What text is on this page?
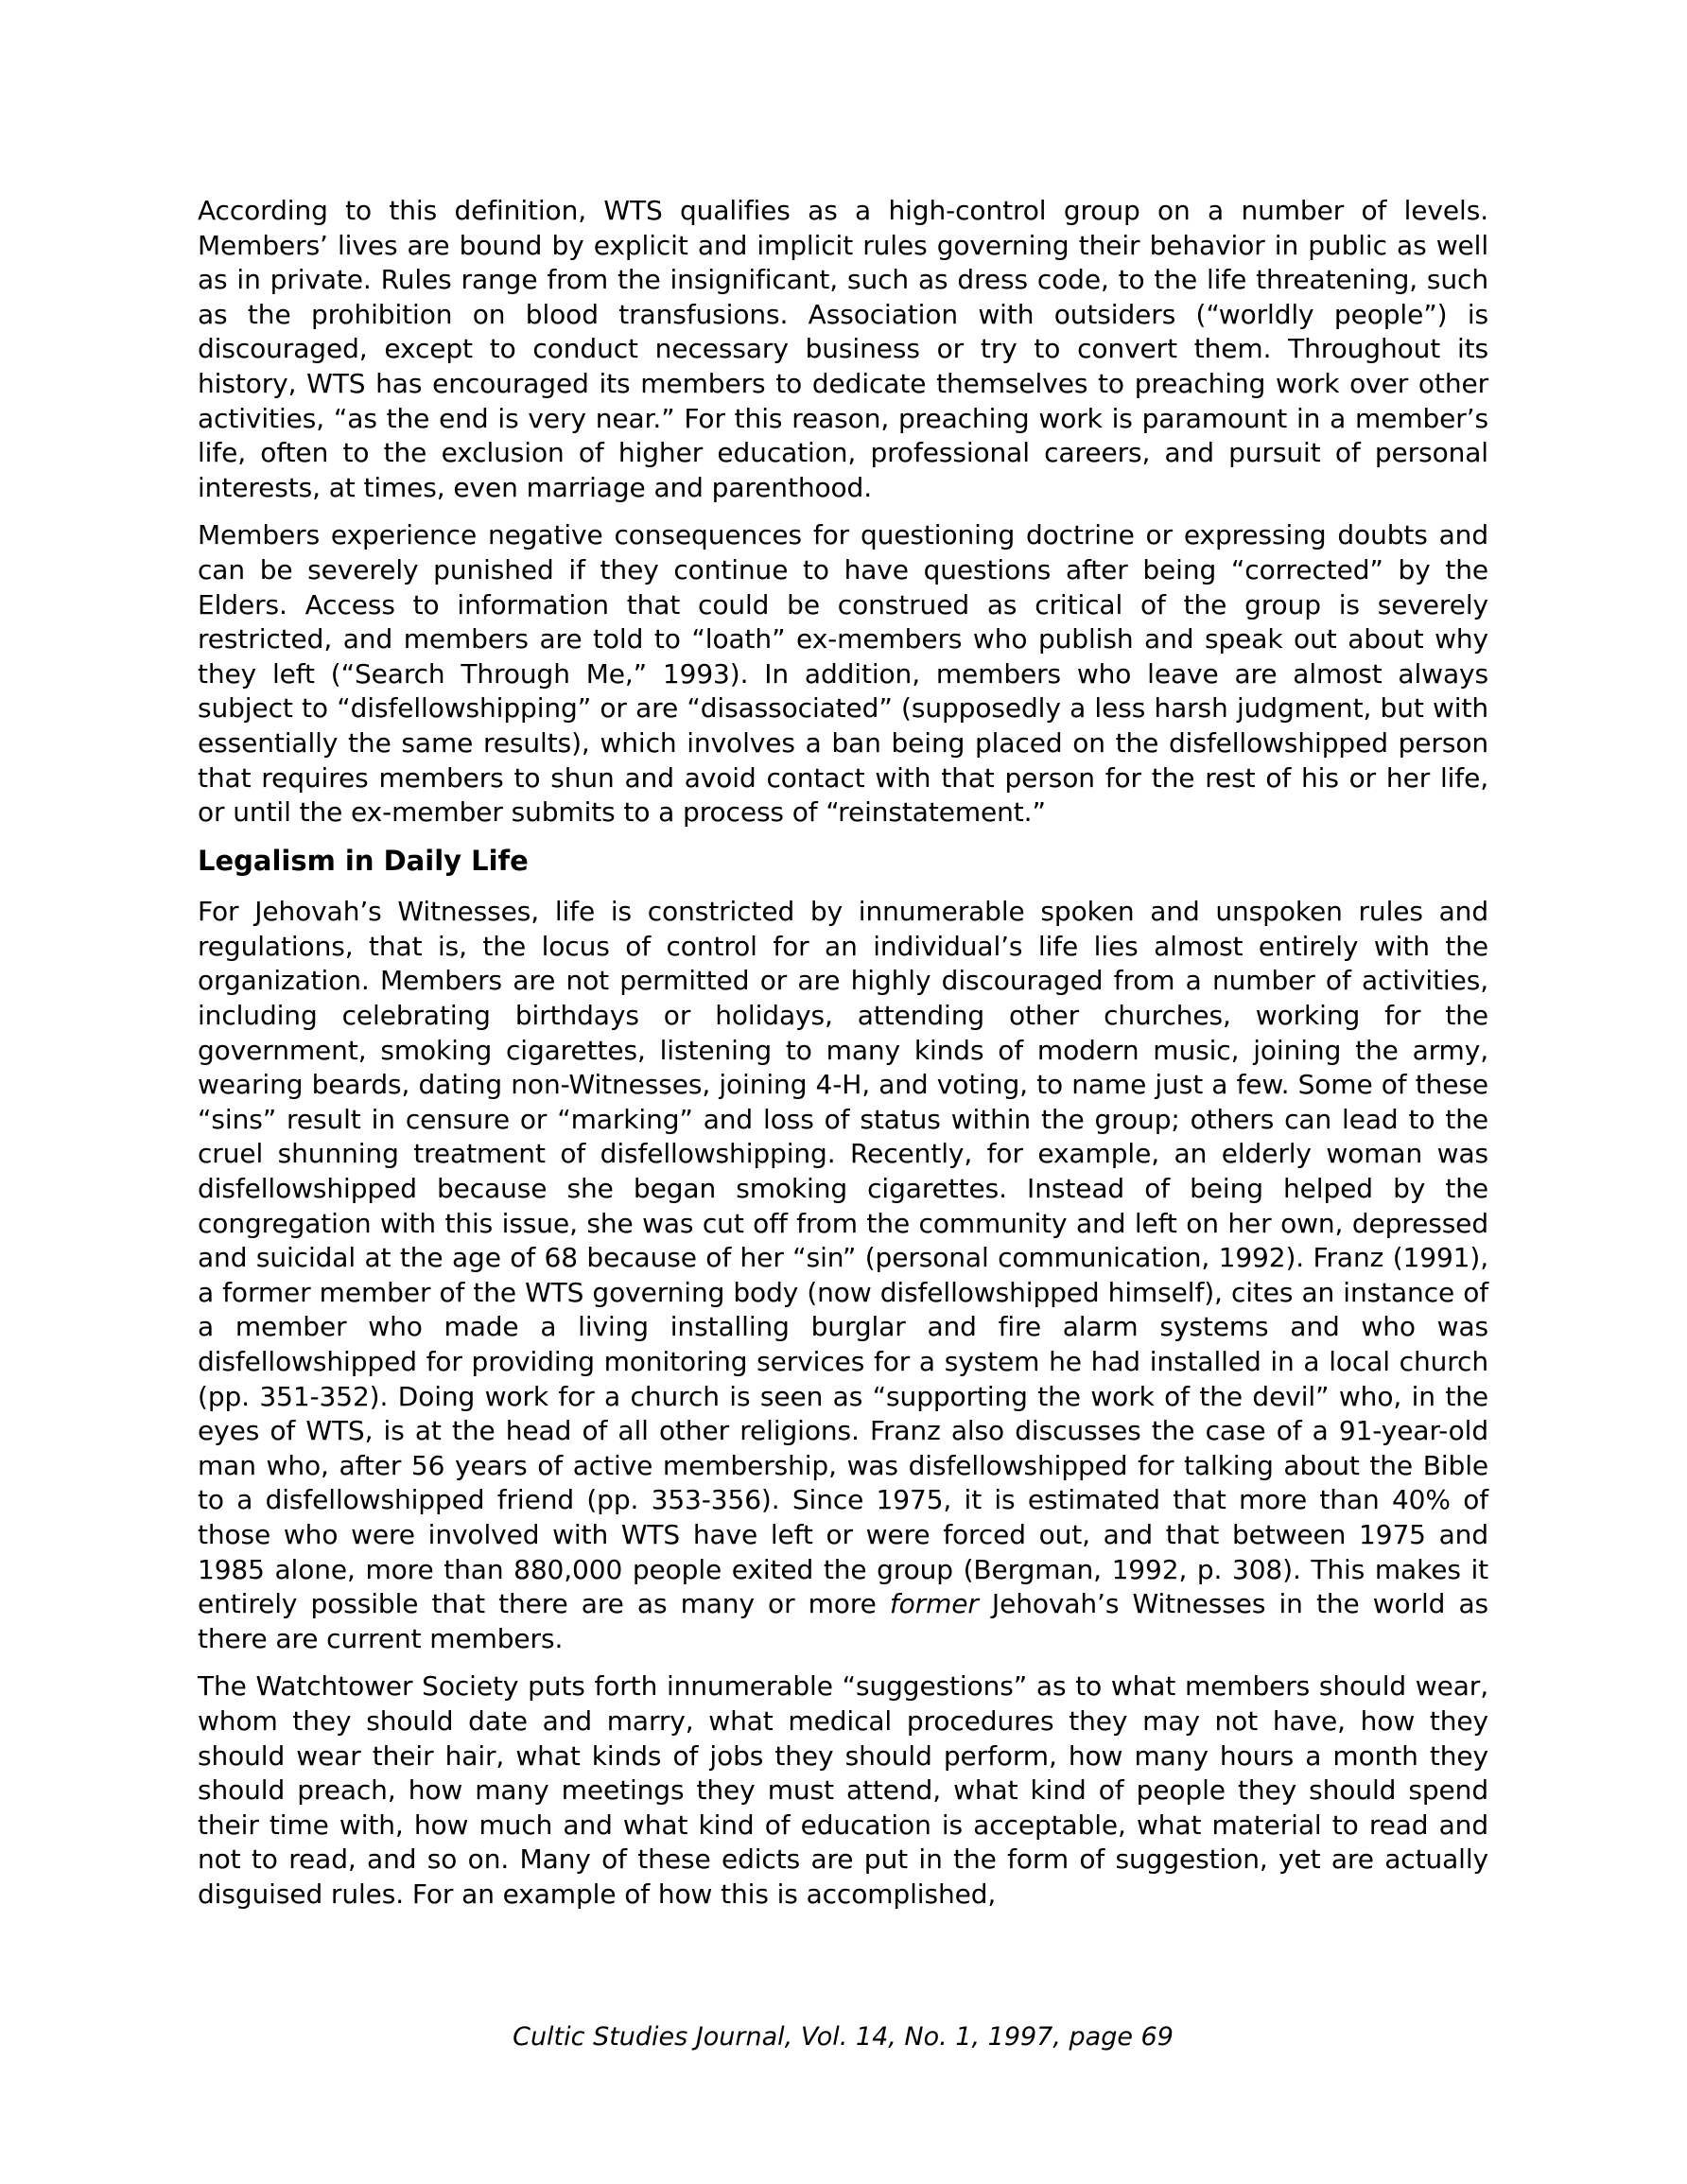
According to this definition, WTS qualifies as a high-control group on a number of levels. Members’ lives are bound by explicit and implicit rules governing their behavior in public as well as in private. Rules range from the insignificant, such as dress code, to the life threatening, such as the prohibition on blood transfusions. Association with outsiders (“worldly people”) is discouraged, except to conduct necessary business or try to convert them. Throughout its history, WTS has encouraged its members to dedicate themselves to preaching work over other activities, “as the end is very near.” For this reason, preaching work is paramount in a member’s life, often to the exclusion of higher education, professional careers, and pursuit of personal interests, at times, even marriage and parenthood.

Members experience negative consequences for questioning doctrine or expressing doubts and can be severely punished if they continue to have questions after being “corrected” by the Elders. Access to information that could be construed as critical of the group is severely restricted, and members are told to “loath” ex-members who publish and speak out about why they left (“Search Through Me,” 1993). In addition, members who leave are almost always subject to “disfellowshipping” or are “disassociated” (supposedly a less harsh judgment, but with essentially the same results), which involves a ban being placed on the disfellowshipped person that requires members to shun and avoid contact with that person for the rest of his or her life, or until the ex-member submits to a process of “reinstatement.”

Legalism in Daily Life

For Jehovah’s Witnesses, life is constricted by innumerable spoken and unspoken rules and regulations, that is, the locus of control for an individual’s life lies almost entirely with the organization. Members are not permitted or are highly discouraged from a number of activities, including celebrating birthdays or holidays, attending other churches, working for the government, smoking cigarettes, listening to many kinds of modern music, joining the army, wearing beards, dating non-Witnesses, joining 4-H, and voting, to name just a few. Some of these “sins” result in censure or “marking” and loss of status within the group; others can lead to the cruel shunning treatment of disfellowshipping. Recently, for example, an elderly woman was disfellowshipped because she began smoking cigarettes. Instead of being helped by the congregation with this issue, she was cut off from the community and left on her own, depressed and suicidal at the age of 68 because of her “sin” (personal communication, 1992). Franz (1991), a former member of the WTS governing body (now disfellowshipped himself), cites an instance of a member who made a living installing burglar and fire alarm systems and who was disfellowshipped for providing monitoring services for a system he had installed in a local church (pp. 351-352). Doing work for a church is seen as “supporting the work of the devil” who, in the eyes of WTS, is at the head of all other religions. Franz also discusses the case of a 91-year-old man who, after 56 years of active membership, was disfellowshipped for talking about the Bible to a disfellowshipped friend (pp. 353-356). Since 1975, it is estimated that more than 40% of those who were involved with WTS have left or were forced out, and that between 1975 and 1985 alone, more than 880,000 people exited the group (Bergman, 1992, p. 308). This makes it entirely possible that there are as many or more former Jehovah’s Witnesses in the world as there are current members.

The Watchtower Society puts forth innumerable “suggestions” as to what members should wear, whom they should date and marry, what medical procedures they may not have, how they should wear their hair, what kinds of jobs they should perform, how many hours a month they should preach, how many meetings they must attend, what kind of people they should spend their time with, how much and what kind of education is acceptable, what material to read and not to read, and so on. Many of these edicts are put in the form of suggestion, yet are actually disguised rules. For an example of how this is accomplished,

Cultic Studies Journal, Vol. 14, No. 1, 1997, page 69
